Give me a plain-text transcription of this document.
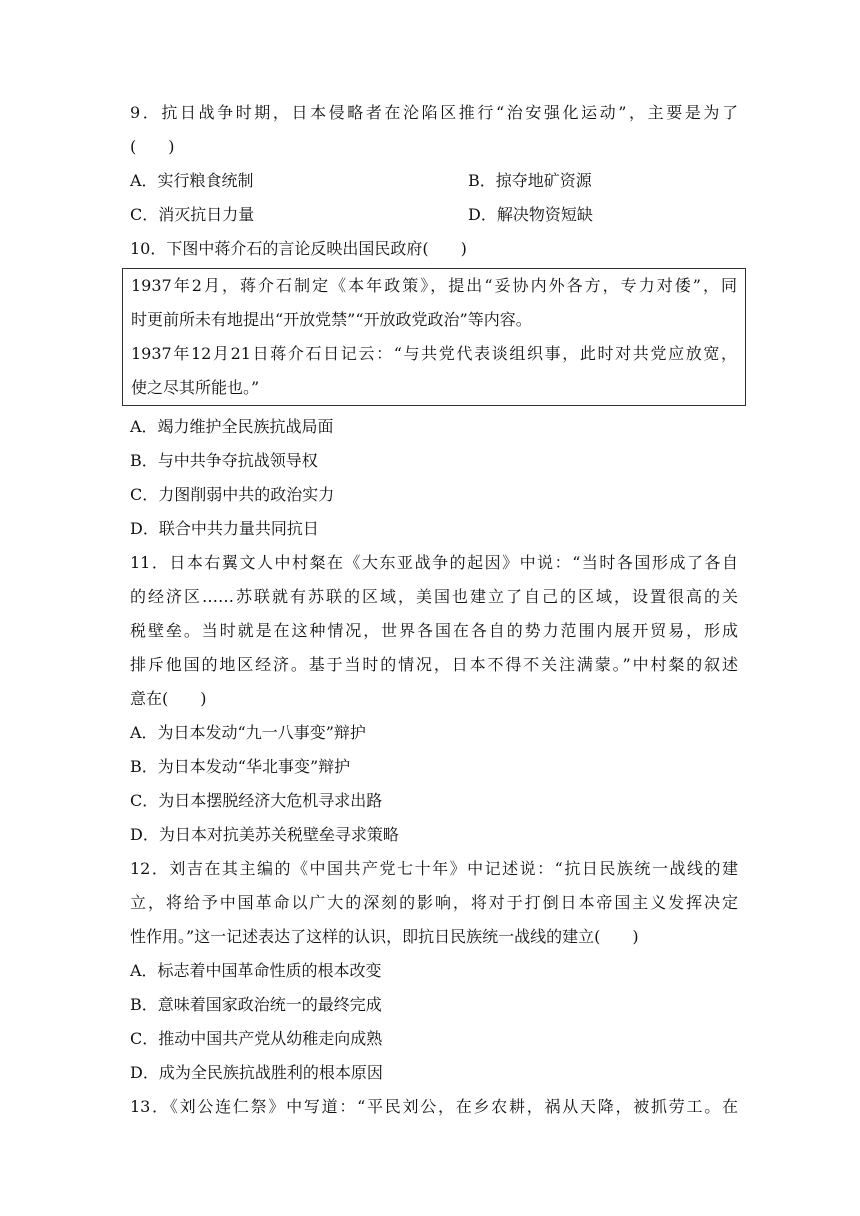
9．抗日战争时期，日本侵略者在沦陷区推行“治安强化运动”，主要是为了
(　　)
A．实行粮食统制	B．掠夺地矿资源
C．消灭抗日力量	D．解决物资短缺
10．下图中蒋介石的言论反映出国民政府(　　)
1937年2月，蒋介石制定《本年政策》，提出“妥协内外各方，专力对倭”，同
时更前所未有地提出“开放党禁”“开放政党政治”等内容。
1937年12月21日蒋介石日记云：“与共党代表谈组织事，此时对共党应放宽，
使之尽其所能也。”
A．竭力维护全民族抗战局面
B．与中共争夺抗战领导权
C．力图削弱中共的政治实力
D．联合中共力量共同抗日
11．日本右翼文人中村粲在《大东亚战争的起因》中说：“当时各国形成了各自
的经济区……苏联就有苏联的区域，美国也建立了自己的区域，设置很高的关
税壁垒。当时就是在这种情况，世界各国在各自的势力范围内展开贸易，形成
排斥他国的地区经济。基于当时的情况，日本不得不关注满蒙。”中村粲的叙述
意在(　　)
A．为日本发动“九一八事变”辩护
B．为日本发动“华北事变”辩护
C．为日本摆脱经济大危机寻求出路
D．为日本对抗美苏关税壁垒寻求策略
12．刘吉在其主编的《中国共产党七十年》中记述说：“抗日民族统一战线的建
立，将给予中国革命以广大的深刻的影响，将对于打倒日本帝国主义发挥决定
性作用。”这一记述表达了这样的认识，即抗日民族统一战线的建立(　　)
A．标志着中国革命性质的根本改变
B．意味着国家政治统一的最终完成
C．推动中国共产党从幼稚走向成熟
D．成为全民族抗战胜利的根本原因
13．《刘公连仁祭》中写道：“平民刘公，在乡农耕，祸从天降，被抓劳工。在
